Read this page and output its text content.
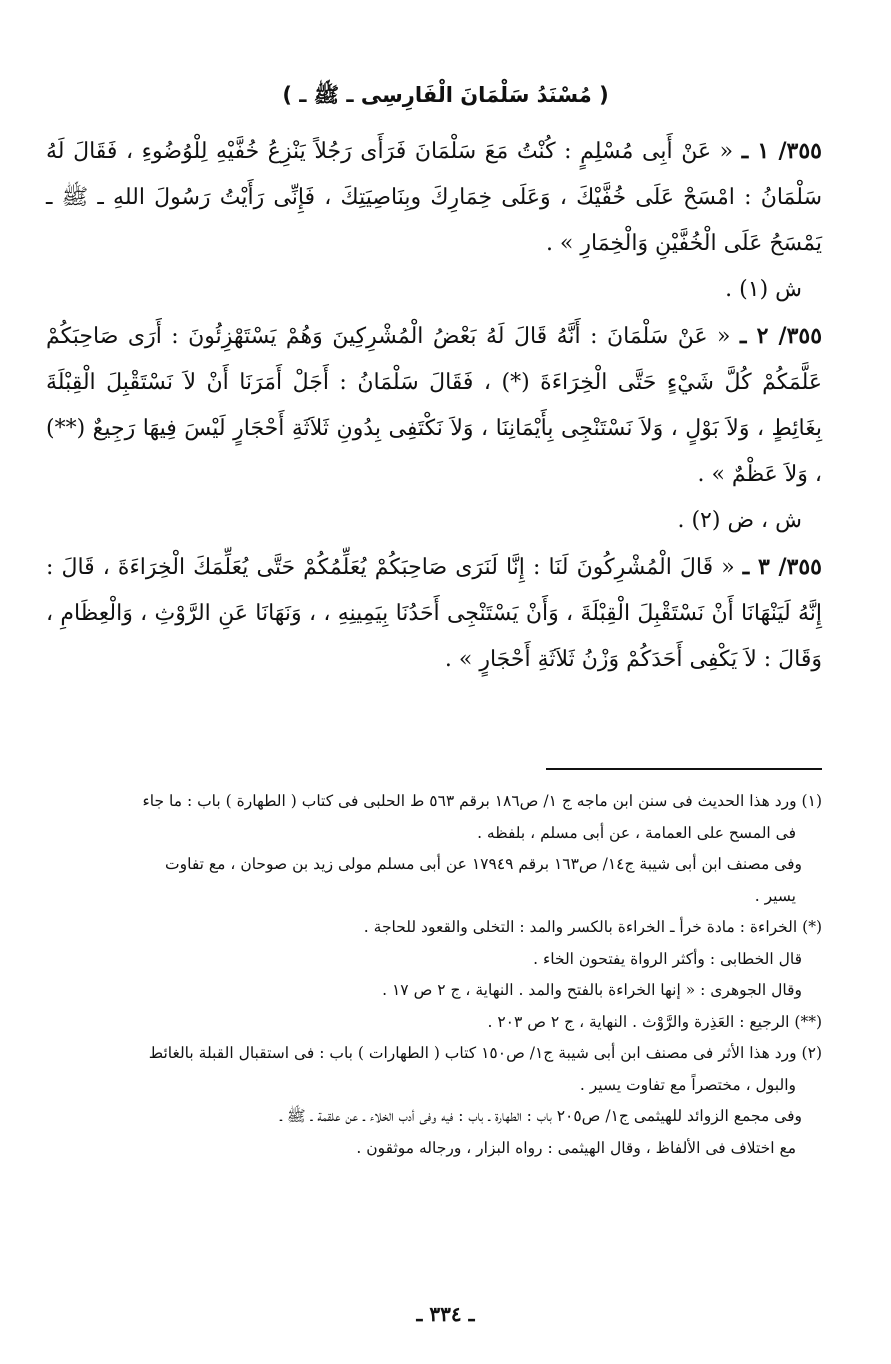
( مُسْنَدُ سَلْمَانَ الْفَارِسِى ـ ﷺ ـ )

٣٥٥/ ١ ـ « عَنْ أَبِى مُسْلِمٍ : كُنْتُ مَعَ سَلْمَانَ فَرَأَى رَجُلاً يَنْزِعُ خُفَّيْهِ لِلْوُضُوءِ ، فَقَالَ لَهُ سَلْمَانُ : امْسَحْ عَلَى خُفَّيْكَ ، وَعَلَى خِمَارِكَ وبِنَاصِيَتِكَ ، فَإِنِّى رَأَيْتُ رَسُولَ اللهِ ـ ﷺ ـ يَمْسَحُ عَلَى الْخُفَّيْنِ وَالْخِمَارِ » .

ش (١) .

٣٥٥/ ٢ ـ « عَنْ سَلْمَانَ : أَنَّهُ قَالَ لَهُ بَعْضُ الْمُشْرِكِينَ وَهُمْ يَسْتَهْزِئُونَ : أَرَى صَاحِبَكُمْ عَلَّمَكُمْ كُلَّ شَيْءٍ حَتَّى الْخِرَاءَةَ (*) ، فَقَالَ سَلْمَانُ : أَجَلْ أَمَرَنَا أَنْ لاَ نَسْتَقْبِلَ الْقِبْلَةَ بِغَائِطٍ ، وَلاَ بَوْلٍ ، وَلاَ نَسْتَنْجِى بِأَيْمَانِنَا ، وَلاَ نَكْتَفِى بِدُونِ ثَلاَثَةِ أَحْجَارٍ لَيْسَ فِيهَا رَجِيعٌ (**) ، وَلاَ عَظْمٌ » .

ش ، ض (٢) .

٣٥٥/ ٣ ـ « قَالَ الْمُشْرِكُونَ لَنَا : إِنَّا لَنَرَى صَاحِبَكُمْ يُعَلِّمُكُمْ حَتَّى يُعَلِّمَكَ الْخِرَاءَةَ ، قَالَ : إِنَّهُ لَيَنْهَانَا أَنْ نَسْتَقْبِلَ الْقِبْلَةَ ، وَأَنْ يَسْتَنْجِى أَحَدُنَا بِيَمِينِهِ ، ، وَنَهَانَا عَنِ الرَّوْثِ ، وَالْعِظَامِ ، وَقَالَ : لاَ يَكْفِى أَحَدَكُمْ وَزْنُ ثَلاَثَةِ أَحْجَارٍ » .

(١) ورد هذا الحديث فى سنن ابن ماجه ج ١/ ص١٨٦ برقم ٥٦٣ ط الحلبى فى كتاب ( الطهارة ) باب : ما جاء

فى المسح على العمامة ، عن أبى مسلم ، بلفظه .

وفى مصنف ابن أبى شيبة ج١٤/ ص١٦٣ برقم ١٧٩٤٩ عن أبى مسلم مولى زيد بن صوحان ، مع تفاوت

يسير .

(*) الخراءة : مادة خرأ ـ الخراءة بالكسر والمد : التخلى والقعود للحاجة .

قال الخطابى : وأكثر الرواة يفتحون الخاء .

وقال الجوهرى : « إنها الخراءة بالفتح والمد . النهاية ، ج ٢ ص ١٧ .

(**) الرجيع : العَذِرة والرَّوْث . النهاية ، ج ٢ ص ٢٠٣ .

(٢) ورد هذا الأثر فى مصنف ابن أبى شيبة ج١/ ص١٥٠ كتاب ( الطهارات ) باب : فى استقبال القبلة بالغائط

والبول ، مختصراً مع تفاوت يسير .

وفى مجمع الزوائد للهيثمى ج١/ ص٢٠٥ باب : الطهارة ـ باب : فيه وفى أدب الخلاء ـ عن علقمة ـ ﷺ ـ

مع اختلاف فى الألفاظ ، وقال الهيثمى : رواه البزار ، ورجاله موثقون .

ـ ٣٣٤ ـ
